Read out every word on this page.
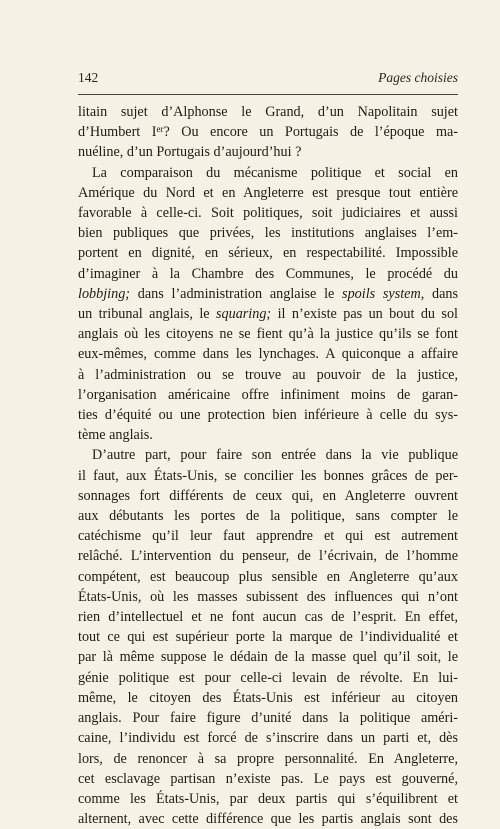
142	Pages choisies
litain sujet d’Alphonse le Grand, d’un Napolitain sujet
d’Humbert Ier? Ou encore un Portugais de l’époque ma-
nuéline, d’un Portugais d’aujourd’hui ?
La comparaison du mécanisme politique et social en
Amérique du Nord et en Angleterre est presque tout entière
favorable à celle-ci. Soit politiques, soit judiciaires et aussi
bien publiques que privées, les institutions anglaises l’em-
portent en dignité, en sérieux, en respectabilité. Impossible
d’imaginer à la Chambre des Communes, le procédé du
lobbjing; dans l’administration anglaise le spoils system, dans
un tribunal anglais, le squaring; il n’existe pas un bout du sol
anglais où les citoyens ne se fient qu’à la justice qu’ils se font
eux-mêmes, comme dans les lynchages. A quiconque a affaire
à l’administration ou se trouve au pouvoir de la justice,
l’organisation américaine offre infiniment moins de garan-
ties d’équité ou une protection bien inférieure à celle du sys-
tème anglais.
D’autre part, pour faire son entrée dans la vie publique
il faut, aux États-Unis, se concilier les bonnes grâces de per-
sonnages fort différents de ceux qui, en Angleterre ouvrent
aux débutants les portes de la politique, sans compter le
catéchisme qu’il leur faut apprendre et qui est autrement
relâché. L’intervention du penseur, de l’écrivain, de l’homme
compétent, est beaucoup plus sensible en Angleterre qu’aux
États-Unis, où les masses subissent des influences qui n’ont
rien d’intellectuel et ne font aucun cas de l’esprit. En effet,
tout ce qui est supérieur porte la marque de l’individualité et
par là même suppose le dédain de la masse quel qu’il soit, le
génie politique est pour celle-ci levain de révolte. En lui-
même, le citoyen des États-Unis est inférieur au citoyen
anglais. Pour faire figure d’unité dans la politique améri-
caine, l’individu est forcé de s’inscrire dans un parti et, dès
lors, de renoncer à sa propre personnalité. En Angleterre,
cet esclavage partisan n’existe pas. Le pays est gouverné,
comme les États-Unis, par deux partis qui s’équilibrent et
alternent, avec cette différence que les partis anglais sont des
